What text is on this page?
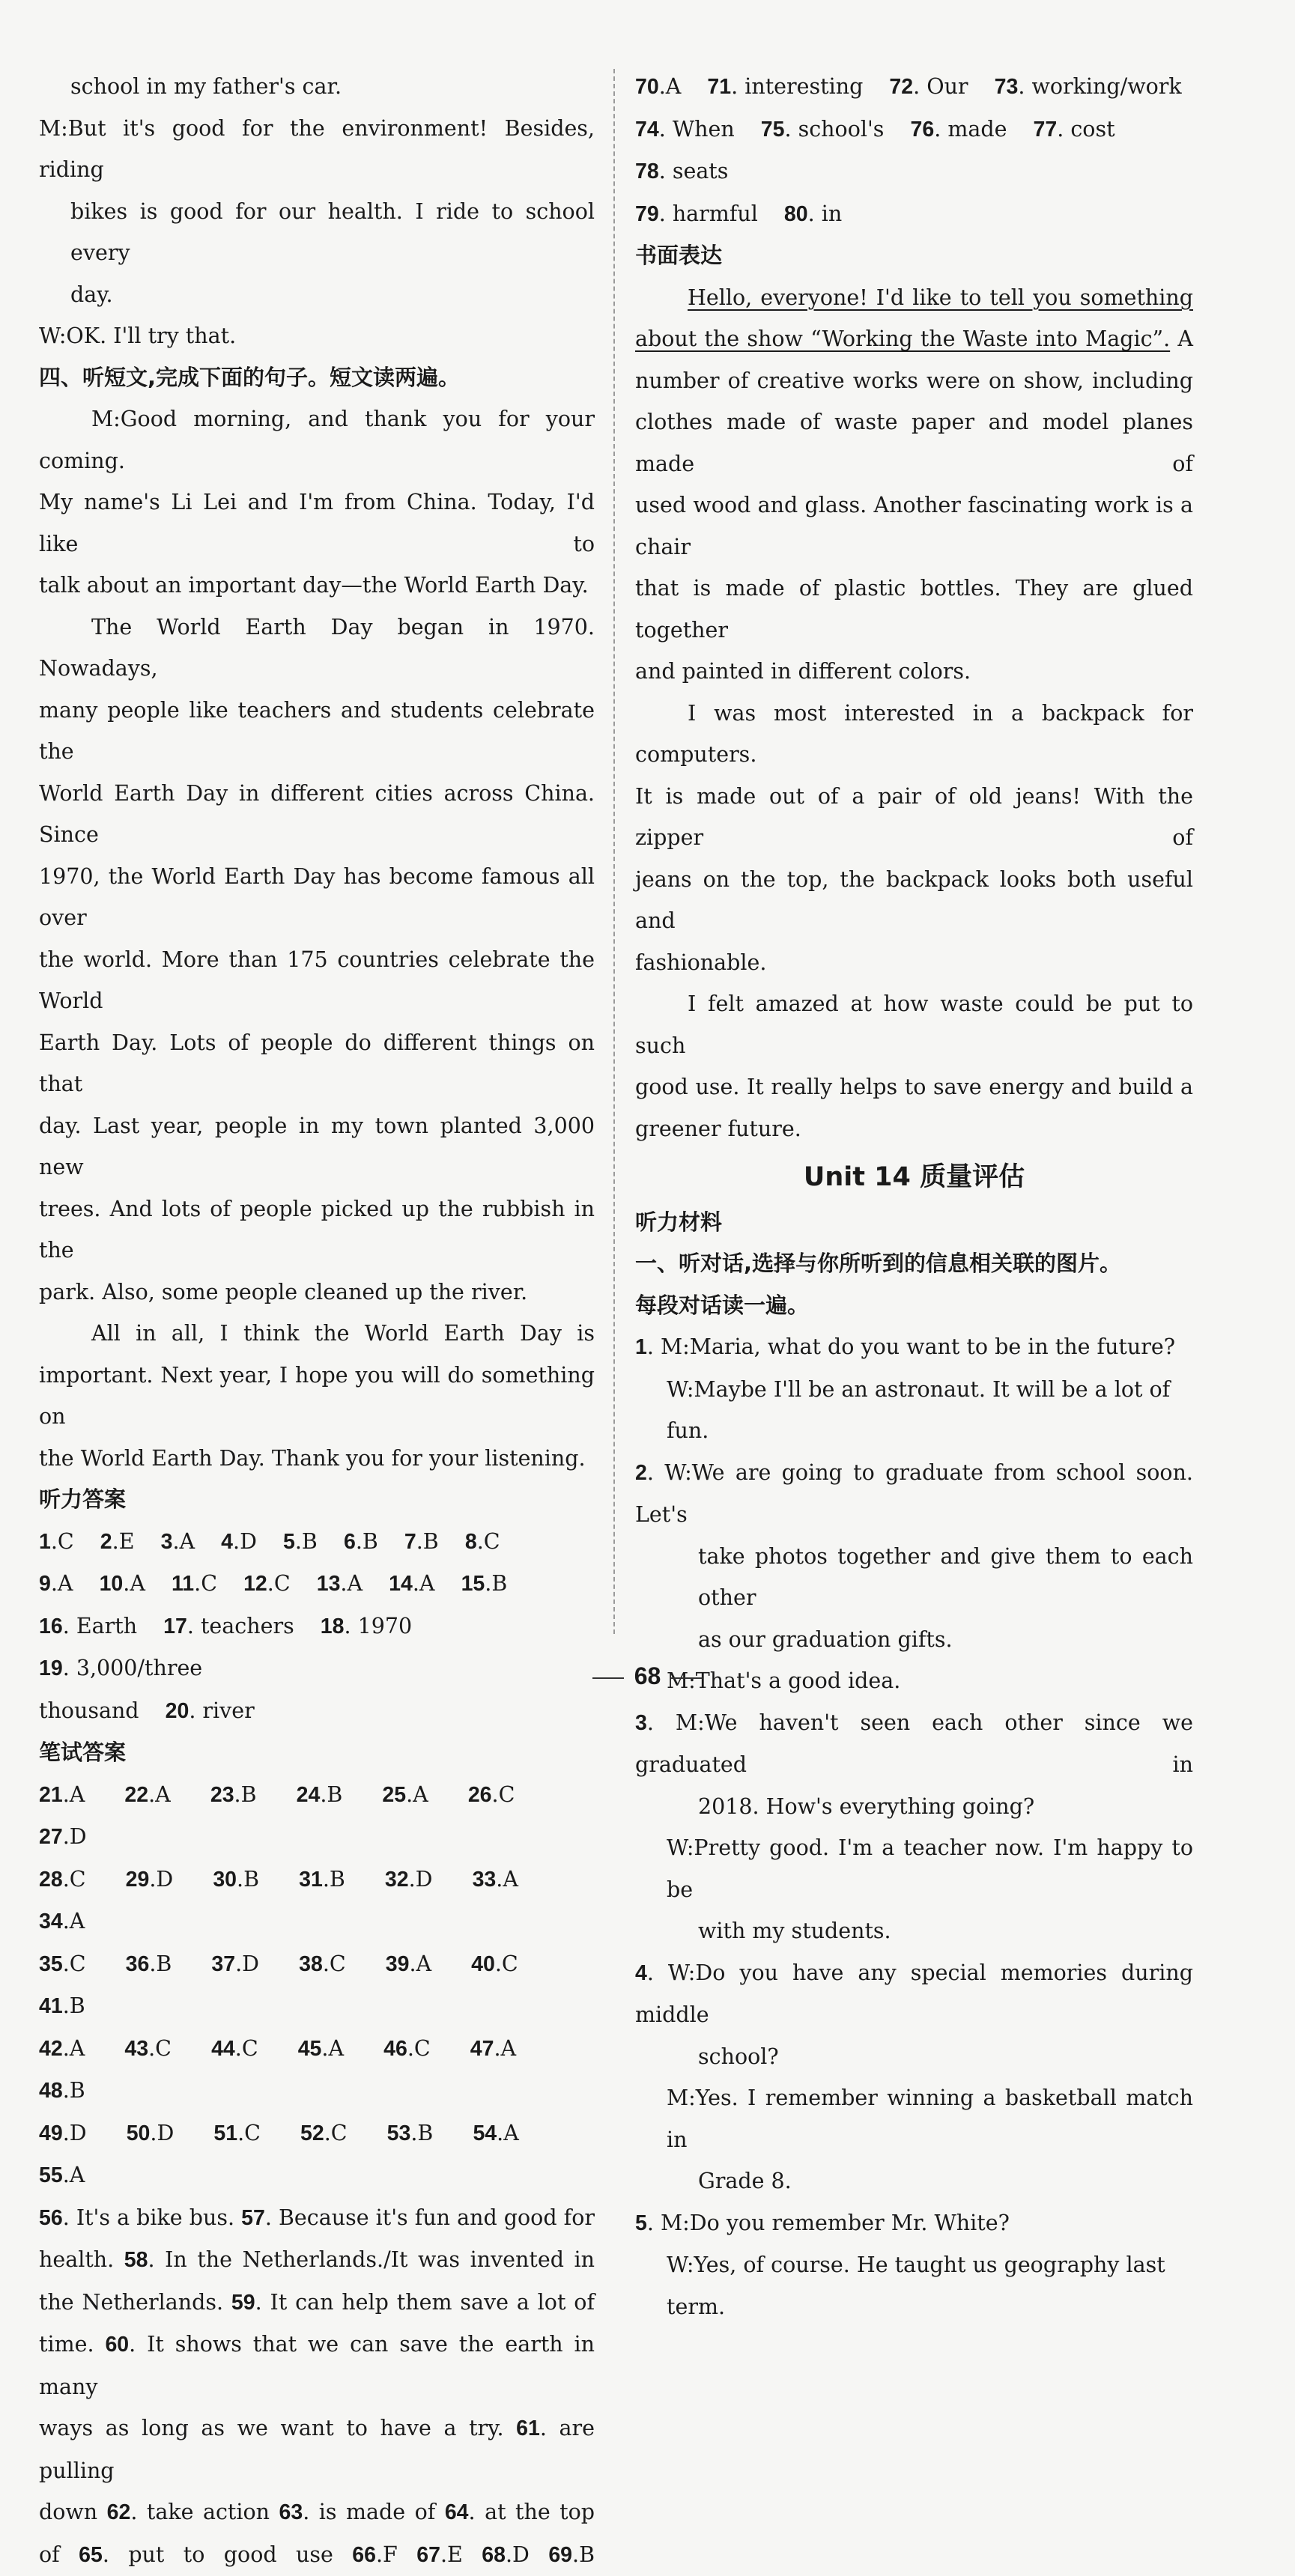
school in my father's car.

M:But it's good for the environment! Besides, riding

bikes is good for our health. I ride to school every

day.

W:OK. I'll try that.

四、听短文,完成下面的句子。短文读两遍。

M:Good morning, and thank you for your coming.

My name's Li Lei and I'm from China. Today, I'd like to

talk about an important day—the World Earth Day.

The World Earth Day began in 1970. Nowadays,

many people like teachers and students celebrate the

World Earth Day in different cities across China. Since

1970, the World Earth Day has become famous all over

the world. More than 175 countries celebrate the World

Earth Day. Lots of people do different things on that

day. Last year, people in my town planted 3,000 new

trees. And lots of people picked up the rubbish in the

park. Also, some people cleaned up the river.

All in all, I think the World Earth Day is

important. Next year, I hope you will do something on

the World Earth Day. Thank you for your listening.

听力答案

1.C 2.E 3.A 4.D 5.B 6.B 7.B 8.C

9.A 10.A 11.C 12.C 13.A 14.A 15.B

16. Earth 17. teachers 18. 1970 19. 3,000/three

thousand 20. river

笔试答案

21.A 22.A 23.B 24.B 25.A 26.C 27.D

28.C 29.D 30.B 31.B 32.D 33.A 34.A

35.C 36.B 37.D 38.C 39.A 40.C 41.B

42.A 43.C 44.C 45.A 46.C 47.A 48.B

49.D 50.D 51.C 52.C 53.B 54.A 55.A

56. It's a bike bus. 57. Because it's fun and good for

health. 58. In the Netherlands./It was invented in

the Netherlands. 59. It can help them save a lot of

time. 60. It shows that we can save the earth in many

ways as long as we want to have a try. 61. are pulling

down 62. take action 63. is made of 64. at the top

of 65. put to good use 66.F 67.E 68.D 69.B

70.A 71. interesting 72. Our 73. working/work

74. When 75. school's 76. made 77. cost 78. seats

79. harmful 80. in

书面表达

Hello, everyone! I'd like to tell you something

about the show “Working the Waste into Magic”. A

number of creative works were on show, including

clothes made of waste paper and model planes made of

used wood and glass. Another fascinating work is a chair

that is made of plastic bottles. They are glued together

and painted in different colors.

I was most interested in a backpack for computers.

It is made out of a pair of old jeans! With the zipper of

jeans on the top, the backpack looks both useful and

fashionable.

I felt amazed at how waste could be put to such

good use. It really helps to save energy and build a

greener future.

Unit 14 质量评估

听力材料

一、听对话,选择与你所听到的信息相关联的图片。

每段对话读一遍。

1. M:Maria, what do you want to be in the future?

W:Maybe I'll be an astronaut. It will be a lot of fun.

2. W:We are going to graduate from school soon. Let's

take photos together and give them to each other

as our graduation gifts.

M:That's a good idea.

3. M:We haven't seen each other since we graduated in

2018. How's everything going?

W:Pretty good. I'm a teacher now. I'm happy to be

with my students.

4. W:Do you have any special memories during middle

school?

M:Yes. I remember winning a basketball match in

Grade 8.

5. M:Do you remember Mr. White?

W:Yes, of course. He taught us geography last term.

68
